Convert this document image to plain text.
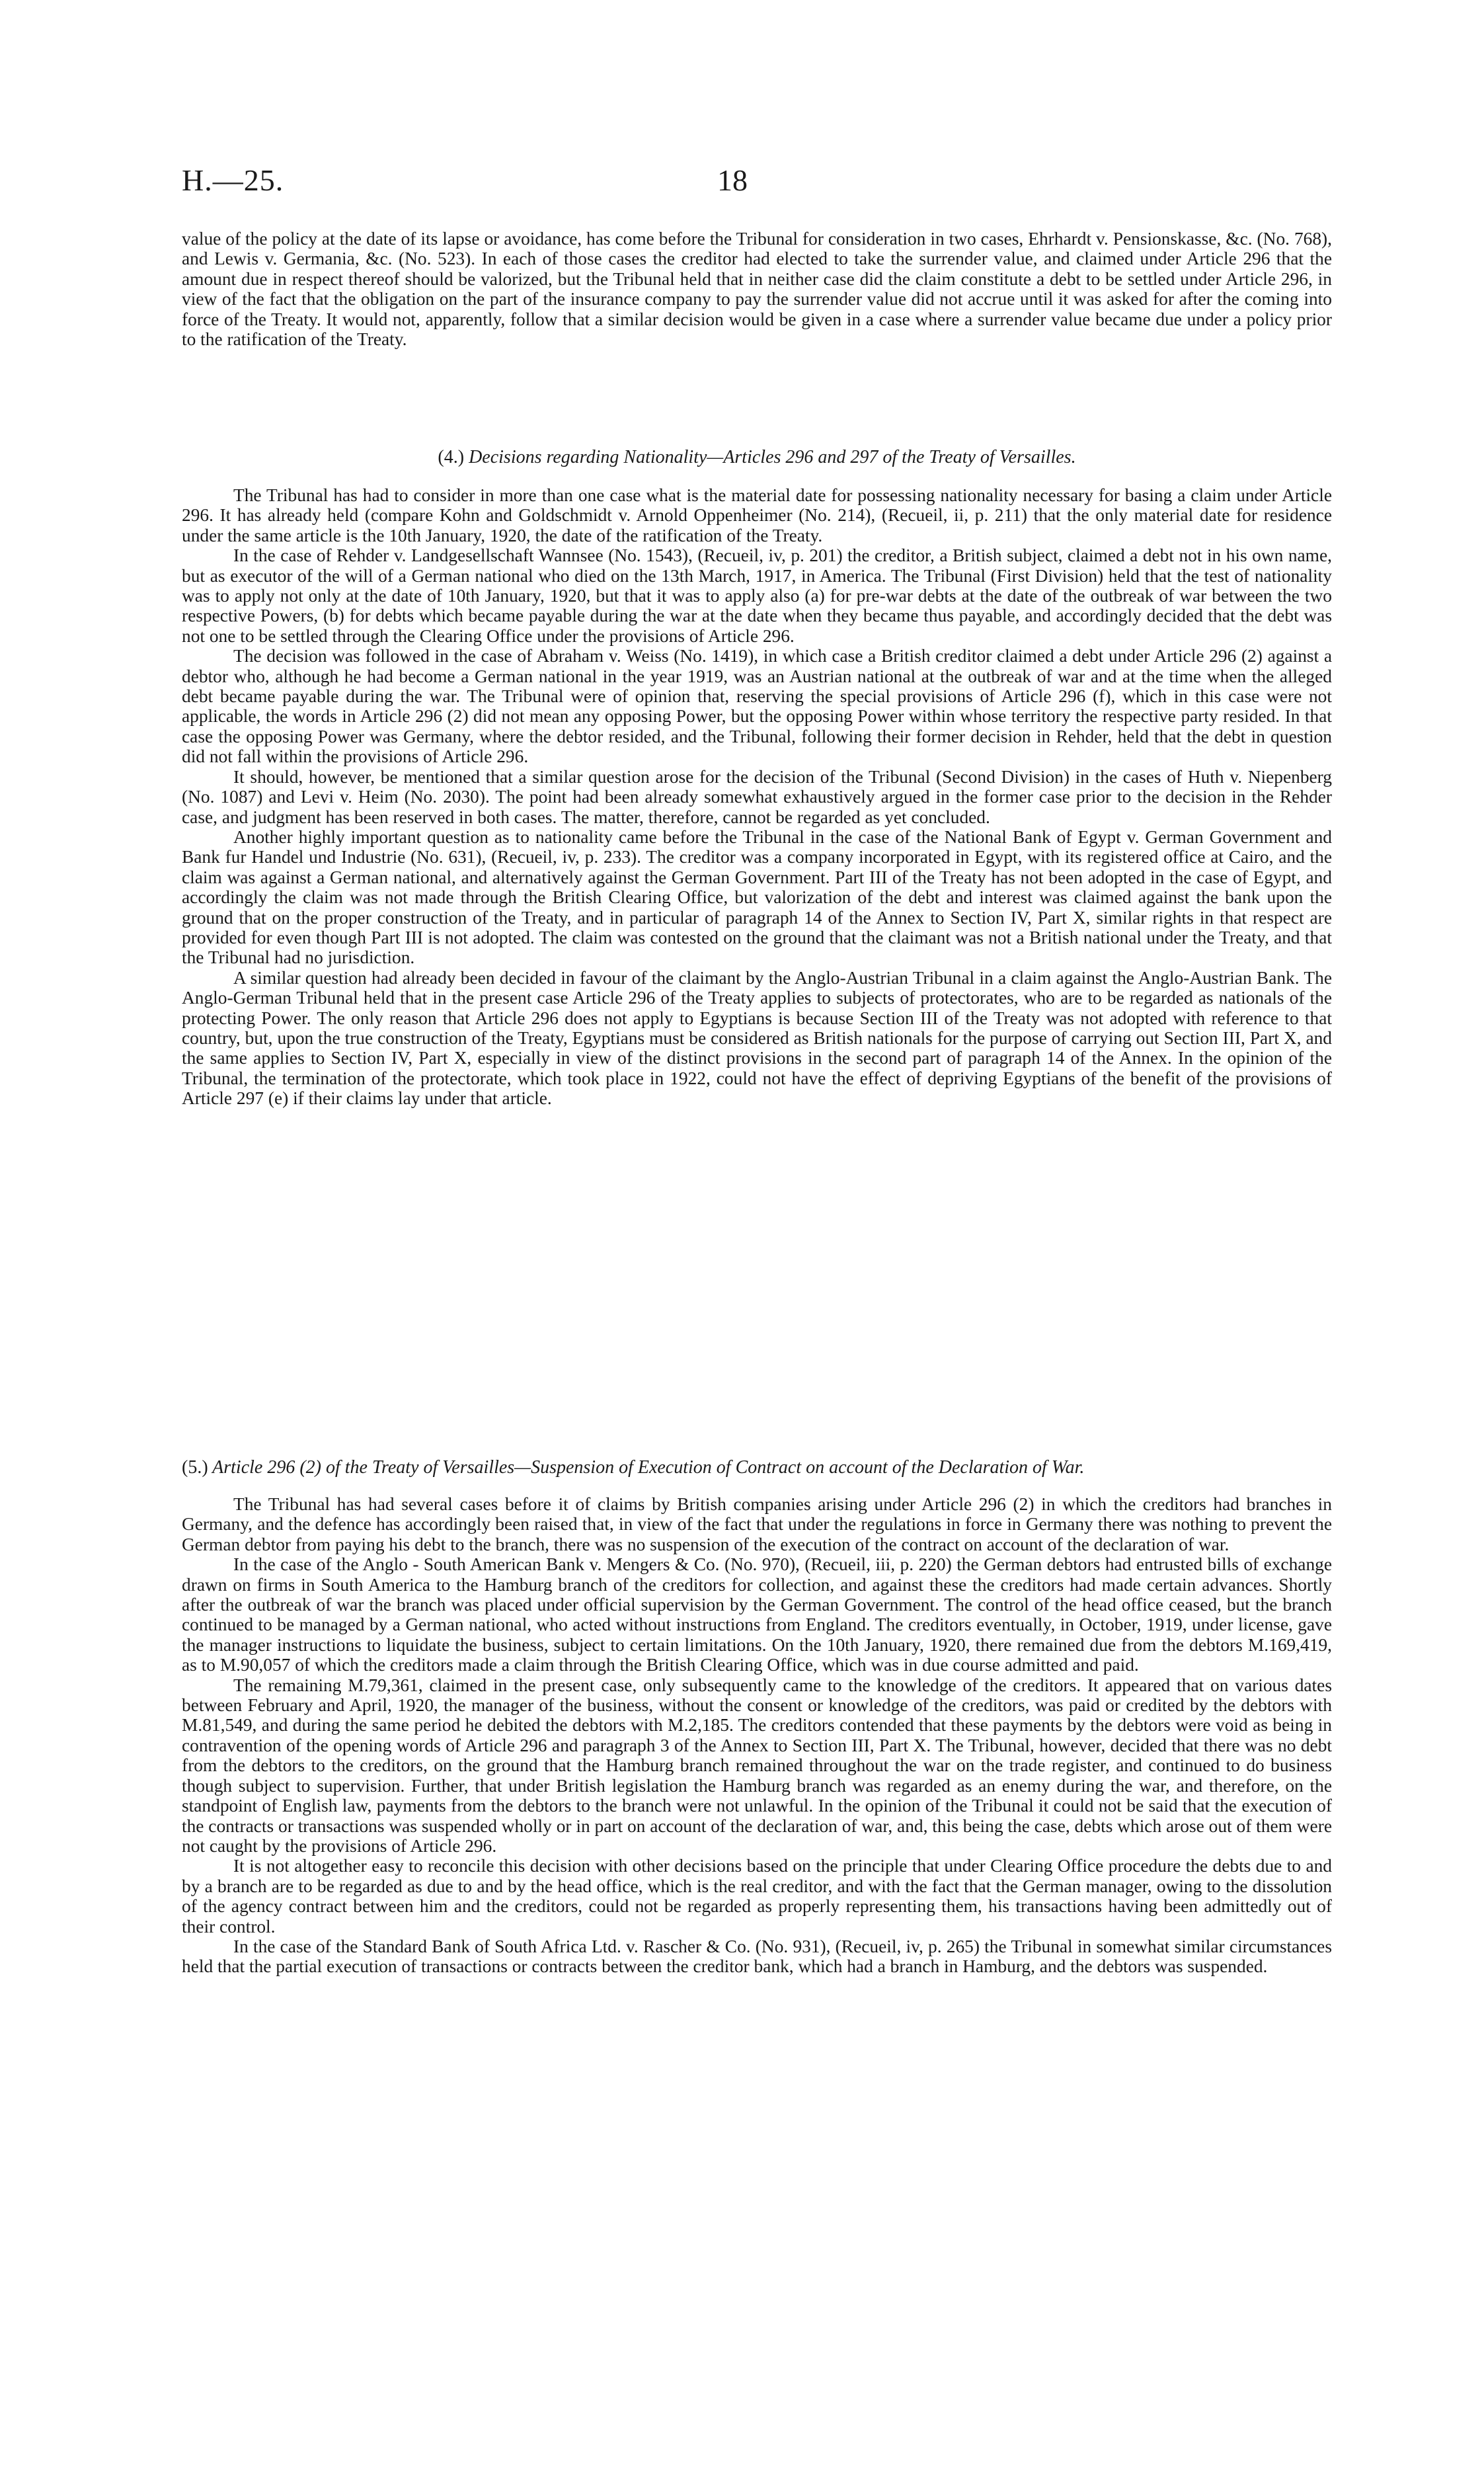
H.—25.	18

value of the policy at the date of its lapse or avoidance, has come before the Tribunal for consideration in two cases, Ehrhardt v. Pensionskasse, &c. (No. 768), and Lewis v. Germania, &c. (No. 523). In each of those cases the creditor had elected to take the surrender value, and claimed under Article 296 that the amount due in respect thereof should be valorized, but the Tribunal held that in neither case did the claim constitute a debt to be settled under Article 296, in view of the fact that the obligation on the part of the insurance company to pay the surrender value did not accrue until it was asked for after the coming into force of the Treaty. It would not, apparently, follow that a similar decision would be given in a case where a surrender value became due under a policy prior to the ratification of the Treaty.

(4.) Decisions regarding Nationality—Articles 296 and 297 of the Treaty of Versailles.

The Tribunal has had to consider in more than one case what is the material date for possessing nationality necessary for basing a claim under Article 296. It has already held (compare Kohn and Goldschmidt v. Arnold Oppenheimer (No. 214), (Recueil, ii, p. 211) that the only material date for residence under the same article is the 10th January, 1920, the date of the ratification of the Treaty.

In the case of Rehder v. Landgesellschaft Wannsee (No. 1543), (Recueil, iv, p. 201) the creditor, a British subject, claimed a debt not in his own name, but as executor of the will of a German national who died on the 13th March, 1917, in America. The Tribunal (First Division) held that the test of nationality was to apply not only at the date of 10th January, 1920, but that it was to apply also (a) for pre-war debts at the date of the outbreak of war between the two respective Powers, (b) for debts which became payable during the war at the date when they became thus payable, and accordingly decided that the debt was not one to be settled through the Clearing Office under the provisions of Article 296.

The decision was followed in the case of Abraham v. Weiss (No. 1419), in which case a British creditor claimed a debt under Article 296 (2) against a debtor who, although he had become a German national in the year 1919, was an Austrian national at the outbreak of war and at the time when the alleged debt became payable during the war. The Tribunal were of opinion that, reserving the special provisions of Article 296 (f), which in this case were not applicable, the words in Article 296 (2) did not mean any opposing Power, but the opposing Power within whose territory the respective party resided. In that case the opposing Power was Germany, where the debtor resided, and the Tribunal, following their former decision in Rehder, held that the debt in question did not fall within the provisions of Article 296.

It should, however, be mentioned that a similar question arose for the decision of the Tribunal (Second Division) in the cases of Huth v. Niepenberg (No. 1087) and Levi v. Heim (No. 2030). The point had been already somewhat exhaustively argued in the former case prior to the decision in the Rehder case, and judgment has been reserved in both cases. The matter, therefore, cannot be regarded as yet concluded.

Another highly important question as to nationality came before the Tribunal in the case of the National Bank of Egypt v. German Government and Bank fur Handel und Industrie (No. 631), (Recueil, iv, p. 233). The creditor was a company incorporated in Egypt, with its registered office at Cairo, and the claim was against a German national, and alternatively against the German Government. Part III of the Treaty has not been adopted in the case of Egypt, and accordingly the claim was not made through the British Clearing Office, but valorization of the debt and interest was claimed against the bank upon the ground that on the proper construction of the Treaty, and in particular of paragraph 14 of the Annex to Section IV, Part X, similar rights in that respect are provided for even though Part III is not adopted. The claim was contested on the ground that the claimant was not a British national under the Treaty, and that the Tribunal had no jurisdiction.

A similar question had already been decided in favour of the claimant by the Anglo-Austrian Tribunal in a claim against the Anglo-Austrian Bank. The Anglo-German Tribunal held that in the present case Article 296 of the Treaty applies to subjects of protectorates, who are to be regarded as nationals of the protecting Power. The only reason that Article 296 does not apply to Egyptians is because Section III of the Treaty was not adopted with reference to that country, but, upon the true construction of the Treaty, Egyptians must be considered as British nationals for the purpose of carrying out Section III, Part X, and the same applies to Section IV, Part X, especially in view of the distinct provisions in the second part of paragraph 14 of the Annex. In the opinion of the Tribunal, the termination of the protectorate, which took place in 1922, could not have the effect of depriving Egyptians of the benefit of the provisions of Article 297 (e) if their claims lay under that article.

(5.) Article 296 (2) of the Treaty of Versailles—Suspension of Execution of Contract on account of the Declaration of War.

The Tribunal has had several cases before it of claims by British companies arising under Article 296 (2) in which the creditors had branches in Germany, and the defence has accordingly been raised that, in view of the fact that under the regulations in force in Germany there was nothing to prevent the German debtor from paying his debt to the branch, there was no suspension of the execution of the contract on account of the declaration of war.

In the case of the Anglo - South American Bank v. Mengers & Co. (No. 970), (Recueil, iii, p. 220) the German debtors had entrusted bills of exchange drawn on firms in South America to the Hamburg branch of the creditors for collection, and against these the creditors had made certain advances. Shortly after the outbreak of war the branch was placed under official supervision by the German Government. The control of the head office ceased, but the branch continued to be managed by a German national, who acted without instructions from England. The creditors eventually, in October, 1919, under license, gave the manager instructions to liquidate the business, subject to certain limitations. On the 10th January, 1920, there remained due from the debtors M.169,419, as to M.90,057 of which the creditors made a claim through the British Clearing Office, which was in due course admitted and paid.

The remaining M.79,361, claimed in the present case, only subsequently came to the knowledge of the creditors. It appeared that on various dates between February and April, 1920, the manager of the business, without the consent or knowledge of the creditors, was paid or credited by the debtors with M.81,549, and during the same period he debited the debtors with M.2,185. The creditors contended that these payments by the debtors were void as being in contravention of the opening words of Article 296 and paragraph 3 of the Annex to Section III, Part X. The Tribunal, however, decided that there was no debt from the debtors to the creditors, on the ground that the Hamburg branch remained throughout the war on the trade register, and continued to do business though subject to supervision. Further, that under British legislation the Hamburg branch was regarded as an enemy during the war, and therefore, on the standpoint of English law, payments from the debtors to the branch were not unlawful. In the opinion of the Tribunal it could not be said that the execution of the contracts or transactions was suspended wholly or in part on account of the declaration of war, and, this being the case, debts which arose out of them were not caught by the provisions of Article 296.

It is not altogether easy to reconcile this decision with other decisions based on the principle that under Clearing Office procedure the debts due to and by a branch are to be regarded as due to and by the head office, which is the real creditor, and with the fact that the German manager, owing to the dissolution of the agency contract between him and the creditors, could not be regarded as properly representing them, his transactions having been admittedly out of their control.

In the case of the Standard Bank of South Africa Ltd. v. Rascher & Co. (No. 931), (Recueil, iv, p. 265) the Tribunal in somewhat similar circumstances held that the partial execution of transactions or contracts between the creditor bank, which had a branch in Hamburg, and the debtors was suspended.
